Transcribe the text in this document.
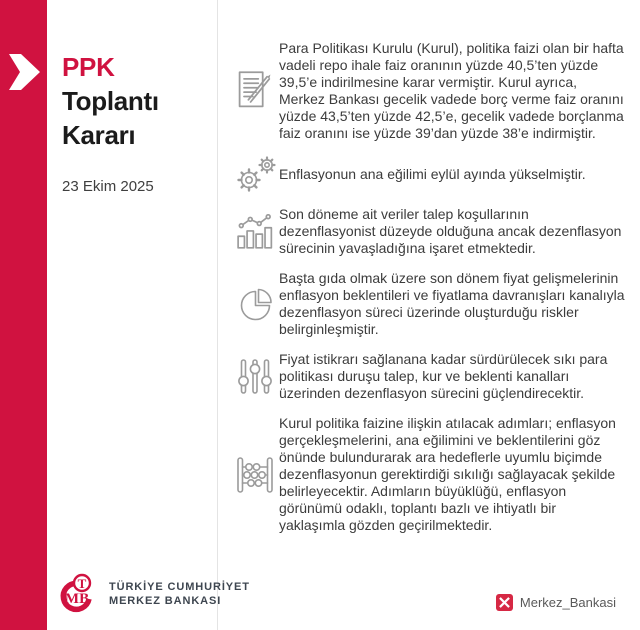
PPK
Toplantı
Kararı
23 Ekim 2025
Para Politikası Kurulu (Kurul), politika faizi olan bir hafta vadeli repo ihale faiz oranının yüzde 40,5’ten yüzde 39,5’e indirilmesine karar vermiştir. Kurul ayrıca, Merkez Bankası gecelik vadede borç verme faiz oranını yüzde 43,5’ten yüzde 42,5’e, gecelik vadede borçlanma faiz oranını ise yüzde 39’dan yüzde 38’e indirmiştir.
Enflasyonun ana eğilimi eylül ayında yükselmiştir.
Son döneme ait veriler talep koşullarının dezenflasyonist düzeyde olduğuna ancak dezenflasyon sürecinin yavaşladığına işaret etmektedir.
Başta gıda olmak üzere son dönem fiyat gelişmelerinin enflasyon beklentileri ve fiyatlama davranışları kanalıyla dezenflasyon süreci üzerinde oluşturduğu riskler belirginleşmiştir.
Fiyat istikrarı sağlanana kadar sürdürülecek sıkı para politikası duruşu talep, kur ve beklenti kanalları üzerinden dezenflasyon sürecini güçlendirecektir.
Kurul politika faizine ilişkin atılacak adımları; enflasyon gerçekleşmelerini, ana eğilimini ve beklentilerini göz önünde bulundurarak ara hedeflerle uyumlu biçimde dezenflasyonun gerektirdiği sıkılığı sağlayacak şekilde belirleyecektir. Adımların büyüklüğü, enflasyon görünümü odaklı, toplantı bazlı ve ihtiyatlı bir yaklaşımla gözden geçirilmektedir.
T
MB
TÜRKİYE CUMHURİYET
MERKEZ BANKASI	Merkez_Bankasi
